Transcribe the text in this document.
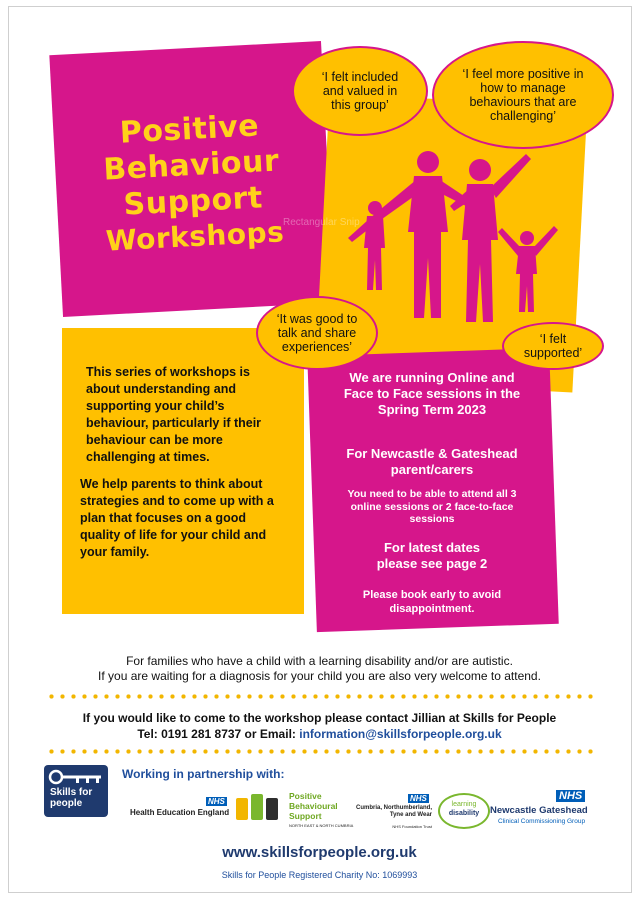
Positive
Behaviour
Support
Workshops
Rectangular Snip
‘I felt included and valued in this group’
‘I feel more positive in how to manage behaviours that are challenging’
This series of workshops is about understanding and supporting your child’s behaviour, particularly if their behaviour can be more challenging at times.
We help parents to think about strategies and to come up with a plan that focuses on a good quality of life for your child and your family.
We are running Online and Face to Face sessions in the Spring Term 2023
For Newcastle & Gateshead parent/carers
You need to be able to attend all 3 online sessions or 2 face-to-face sessions
For latest dates please see page 2
Please book early to avoid disappointment.
‘It was good to talk and share experiences’
‘I felt supported’
For families who have a child with a learning disability and/or are autistic.
If you are waiting for a diagnosis for your child you are also very welcome to attend.
If you would like to come to the workshop please contact Jillian at Skills for People
Tel: 0191 281 8737 or Email: information@skillsforpeople.org.uk
Skills for people
Working in partnership with:
NHS
Health Education England
Positive Behavioural Support
NORTH EAST & NORTH CUMBRIA
NHS
Cumbria, Northumberland, Tyne and Wear
NHS Foundation Trust
learning
disability
NHS
Newcastle Gateshead
Clinical Commissioning Group
www.skillsforpeople.org.uk
Skills for People Registered Charity No: 1069993
